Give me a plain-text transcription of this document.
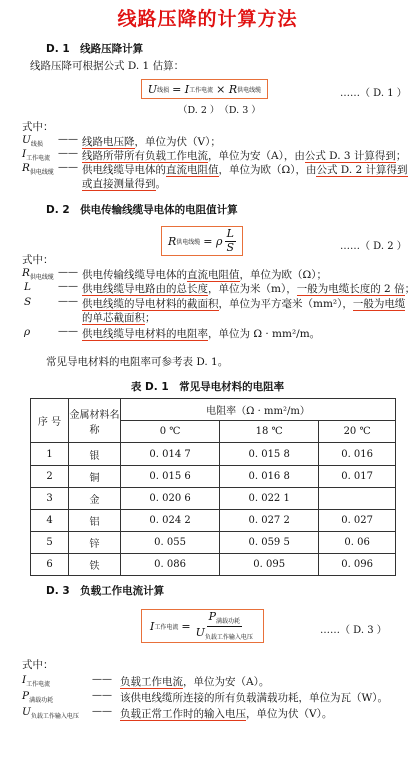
线路压降的计算方法
D. 1　线路压降计算
线路压降可根据公式 D. 1 估算：
U 线损 = I 工作电流 × R 供电线缆	……（ D. 1 ）
（D. 2 ）　（D. 3 ）
式中：
$U_{线损}$ —— 线路电压降，单位为伏（V）；
$I_{工作电流}$ —— 线路所带所有负载工作电流，单位为安（A），由公式 D. 3 计算得到；
$R_{供电线缆}$ —— 供电线缆导电体的直流电阻值，单位为欧（Ω），由公式 D. 2 计算得到
或直接测量得到。
D. 2　供电传输线缆导电体的电阻值计算
R 供电线缆 = ρ $\frac{L}{S}$	……（ D. 2 ）
式中：
$R_{供电线缆}$ —— 供电传输线缆导电体的直流电阻值，单位为欧（Ω）；
L	—— 供电线缆导电路由的总长度，单位为米（m），一般为电缆长度的 2 倍；
S	—— 供电线缆的导电材料的截面积，单位为平方毫米（mm²），一般为电缆
的单芯截面积；
ρ	—— 供电线缆导电材料的电阻率，单位为 Ω · mm²/m。
常见导电材料的电阻率可参考表 D. 1。
表 D. 1　常见导电材料的电阻率
序 号	金属材料名称	电阻率（Ω · mm²/m）		
		0 ℃	18 ℃	20 ℃
1	银	0. 014 7	0. 015 8	0. 016
2	铜	0. 015 6	0. 016 8	0. 017
3	金	0. 020 6	0. 022 1	
4	铝	0. 024 2	0. 027 2	0. 027
5	锌	0. 055	0. 059 5	0. 06
6	铁	0. 086	0. 095	0. 096
D. 3　负载工作电流计算
I 工作电流 = $\frac{P_{满载功耗}}{U_{负载工作输入电压}}$	……（ D. 3 ）
式中：
$I_{工作电流}$	—— 负载工作电流，单位为安（A）。
$P_{满载功耗}$	—— 该供电线缆所连接的所有负载满载功耗，单位为瓦（W）。
$U_{负载工作输入电压}$ —— 负载正常工作时的输入电压，单位为伏（V）。
